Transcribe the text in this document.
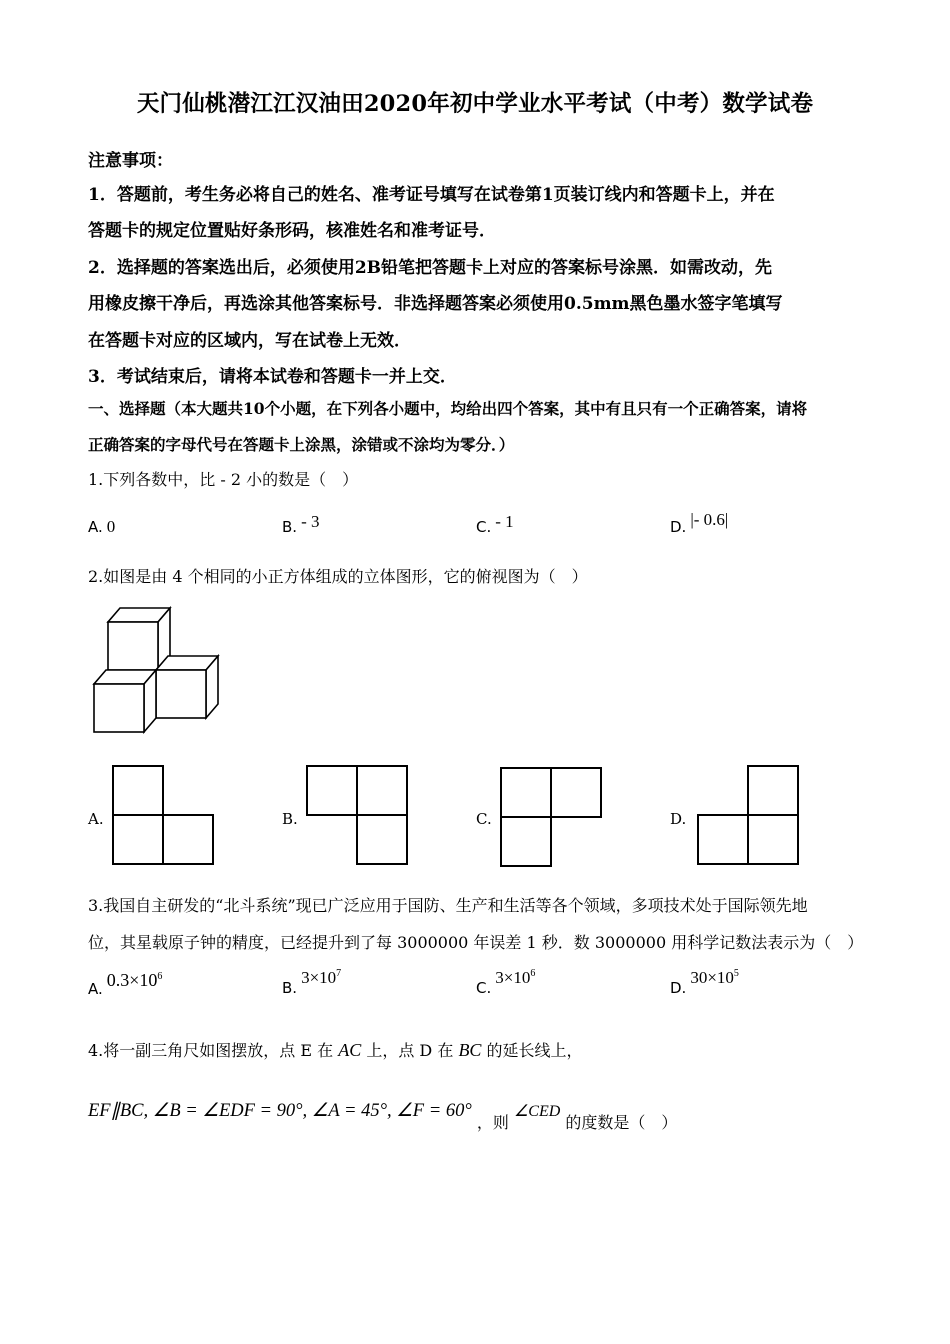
天门仙桃潜江江汉油田2020年初中学业水平考试（中考）数学试卷
注意事项：
1．答题前，考生务必将自己的姓名、准考证号填写在试卷第1页装订线内和答题卡上，并在
答题卡的规定位置贴好条形码，核准姓名和准考证号．
2．选择题的答案选出后，必须使用2B铅笔把答题卡上对应的答案标号涂黑．如需改动，先
用橡皮擦干净后，再选涂其他答案标号．非选择题答案必须使用0.5mm黑色墨水签字笔填写
在答题卡对应的区域内，写在试卷上无效．
3．考试结束后，请将本试卷和答题卡一并上交．
一、选择题（本大题共10个小题，在下列各小题中，均给出四个答案，其中有且只有一个正确答案，请将
正确答案的字母代号在答题卡上涂黑，涂错或不涂均为零分．）
1.下列各数中，比 - 2 小的数是（　）
A. 0	B. - 3	C. - 1	D. |- 0.6|
2.如图是由 4 个相同的小正方体组成的立体图形，它的俯视图为（　）
A.	B.	C.	D.
3.我国自主研发的“北斗系统”现已广泛应用于国防、生产和生活等各个领域，多项技术处于国际领先地
位，其星载原子钟的精度，已经提升到了每 3000000 年误差 1 秒．数 3000000 用科学记数法表示为（　）
A. $0.3\times 10^6$
$B.3\times 10^7$
$C.3\times 10^6$
$D.30\times 10^5$
4.将一副三角尺如图摆放，点 E 在 AC 上，点 D 在 BC 的延长线上，
EF∥BC, ∠B = ∠EDF = 90°, ∠A = 45°, ∠F = 60° ，则 ∠CED 的度数是（　）
